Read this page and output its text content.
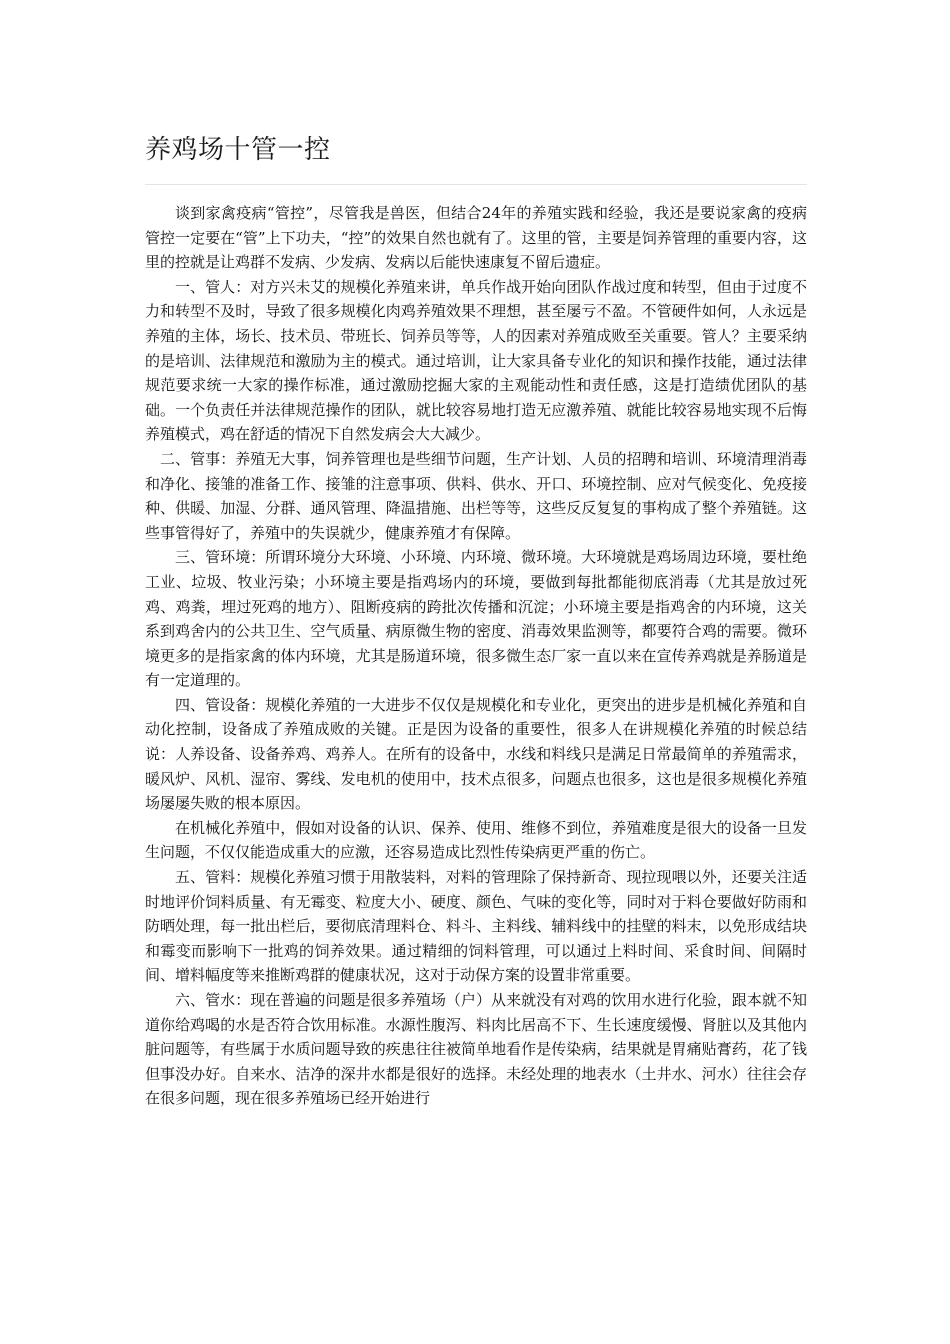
养鸡场十管一控

谈到家禽疫病“管控”，尽管我是兽医，但结合24年的养殖实践和经验，我还是要说家禽的疫病管控一定要在“管”上下功夫，“控”的效果自然也就有了。这里的管，主要是饲养管理的重要内容，这里的控就是让鸡群不发病、少发病、发病以后能快速康复不留后遗症。

一、管人：对方兴未艾的规模化养殖来讲，单兵作战开始向团队作战过度和转型，但由于过度不力和转型不及时，导致了很多规模化肉鸡养殖效果不理想，甚至屡亏不盈。不管硬件如何，人永远是养殖的主体，场长、技术员、带班长、饲养员等等，人的因素对养殖成败至关重要。管人？主要采纳的是培训、法律规范和激励为主的模式。通过培训，让大家具备专业化的知识和操作技能，通过法律规范要求统一大家的操作标准，通过激励挖掘大家的主观能动性和责任感，这是打造绩优团队的基础。一个负责任并法律规范操作的团队，就比较容易地打造无应激养殖、就能比较容易地实现不后悔养殖模式，鸡在舒适的情况下自然发病会大大减少。

二、管事：养殖无大事，饲养管理也是些细节问题，生产计划、人员的招聘和培训、环境清理消毒和净化、接雏的准备工作、接雏的注意事项、供料、供水、开口、环境控制、应对气候变化、免疫接种、供暖、加湿、分群、通风管理、降温措施、出栏等等，这些反反复复的事构成了整个养殖链。这些事管得好了，养殖中的失误就少，健康养殖才有保障。

三、管环境：所谓环境分大环境、小环境、内环境、微环境。大环境就是鸡场周边环境，要杜绝工业、垃圾、牧业污染；小环境主要是指鸡场内的环境，要做到每批都能彻底消毒（尤其是放过死鸡、鸡粪，埋过死鸡的地方）、阻断疫病的跨批次传播和沉淀；小环境主要是指鸡舍的内环境，这关系到鸡舍内的公共卫生、空气质量、病原微生物的密度、消毒效果监测等，都要符合鸡的需要。微环境更多的是指家禽的体内环境，尤其是肠道环境，很多微生态厂家一直以来在宣传养鸡就是养肠道是有一定道理的。

四、管设备：规模化养殖的一大进步不仅仅是规模化和专业化，更突出的进步是机械化养殖和自动化控制，设备成了养殖成败的关键。正是因为设备的重要性，很多人在讲规模化养殖的时候总结说：人养设备、设备养鸡、鸡养人。在所有的设备中，水线和料线只是满足日常最简单的养殖需求，暖风炉、风机、湿帘、雾线、发电机的使用中，技术点很多，问题点也很多，这也是很多规模化养殖场屡屡失败的根本原因。

在机械化养殖中，假如对设备的认识、保养、使用、维修不到位，养殖难度是很大的设备一旦发生问题，不仅仅能造成重大的应激，还容易造成比烈性传染病更严重的伤亡。

五、管料：规模化养殖习惯于用散装料，对料的管理除了保持新奇、现拉现喂以外，还要关注适时地评价饲料质量、有无霉变、粒度大小、硬度、颜色、气味的变化等，同时对于料仓要做好防雨和防晒处理，每一批出栏后，要彻底清理料仓、料斗、主料线、辅料线中的挂壁的料末，以免形成结块和霉变而影响下一批鸡的饲养效果。通过精细的饲料管理，可以通过上料时间、采食时间、间隔时间、增料幅度等来推断鸡群的健康状况，这对于动保方案的设置非常重要。

六、管水：现在普遍的问题是很多养殖场（户）从来就没有对鸡的饮用水进行化验，跟本就不知道你给鸡喝的水是否符合饮用标准。水源性腹泻、料肉比居高不下、生长速度缓慢、肾脏以及其他内脏问题等，有些属于水质问题导致的疾患往往被简单地看作是传染病，结果就是胃痛贴膏药，花了钱但事没办好。自来水、洁净的深井水都是很好的选择。未经处理的地表水（土井水、河水）往往会存在很多问题，现在很多养殖场已经开始进行
